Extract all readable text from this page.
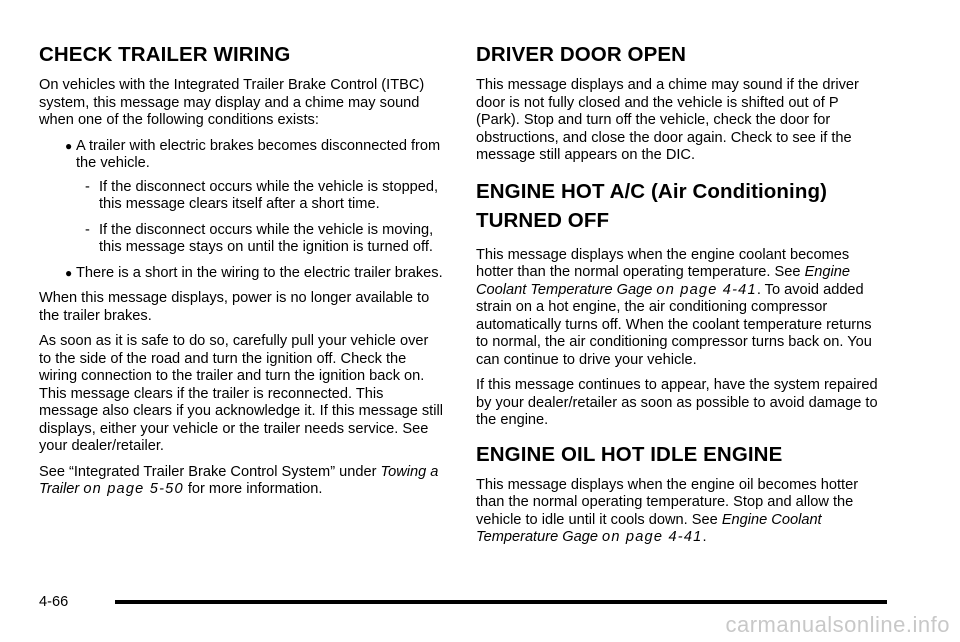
CHECK TRAILER WIRING

On vehicles with the Integrated Trailer Brake Control (ITBC) system, this message may display and a chime may sound when one of the following conditions exists:

● A trailer with electric brakes becomes disconnected from the vehicle.
- If the disconnect occurs while the vehicle is stopped, this message clears itself after a short time.
- If the disconnect occurs while the vehicle is moving, this message stays on until the ignition is turned off.
● There is a short in the wiring to the electric trailer brakes.

When this message displays, power is no longer available to the trailer brakes.

As soon as it is safe to do so, carefully pull your vehicle over to the side of the road and turn the ignition off. Check the wiring connection to the trailer and turn the ignition back on. This message clears if the trailer is reconnected. This message also clears if you acknowledge it. If this message still displays, either your vehicle or the trailer needs service. See your dealer/retailer.

See “Integrated Trailer Brake Control System” under Towing a Trailer on page 5-50 for more information.

DRIVER DOOR OPEN

This message displays and a chime may sound if the driver door is not fully closed and the vehicle is shifted out of P (Park). Stop and turn off the vehicle, check the door for obstructions, and close the door again. Check to see if the message still appears on the DIC.

ENGINE HOT A/C (Air Conditioning)
TURNED OFF

This message displays when the engine coolant becomes hotter than the normal operating temperature. See Engine Coolant Temperature Gage on page 4-41. To avoid added strain on a hot engine, the air conditioning compressor automatically turns off. When the coolant temperature returns to normal, the air conditioning compressor turns back on. You can continue to drive your vehicle.

If this message continues to appear, have the system repaired by your dealer/retailer as soon as possible to avoid damage to the engine.

ENGINE OIL HOT IDLE ENGINE

This message displays when the engine oil becomes hotter than the normal operating temperature. Stop and allow the vehicle to idle until it cools down. See Engine Coolant Temperature Gage on page 4-41.

4-66
carmanualsonline.info
